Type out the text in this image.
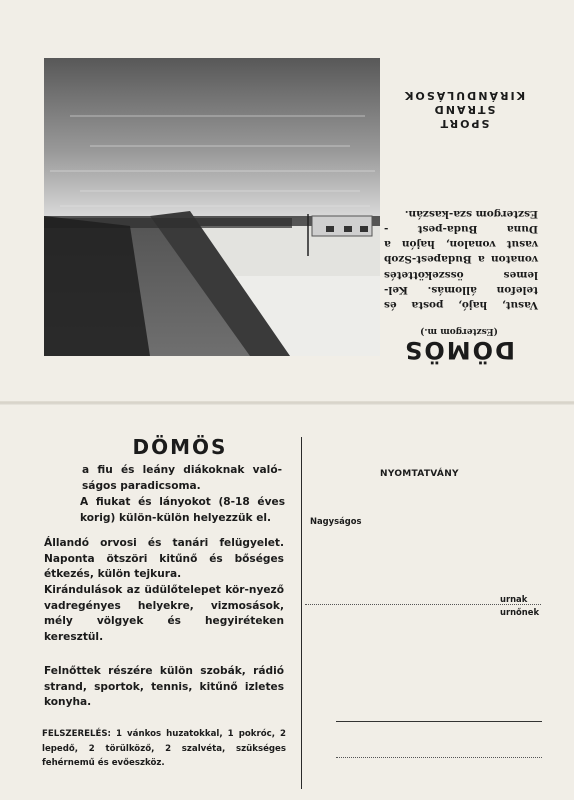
DÖMÖS
(Esztergom m.)
Vasut, hajó, posta és telefon állomás. Kel-lemes összeköttetés vonaton a Budapest-Szob vasut vonalon, hajón a Duna Buda-pest - Esztergom sza-kaszán.
SPORT
STRAND
KIRÁNDULÁSOK
DÖMÖS
a fiu és leány diákoknak való-ságos paradicsoma.
A fiukat és lányokot (8-18 éves korig) külön-külön helyezzük el.
Állandó orvosi és tanári felügyelet. Naponta ötszöri kitűnő és bőséges étkezés, külön tejkura.
Kirándulások az üdülőtelepet kör-nyező vadregényes helyekre, vizmosások, mély völgyek és hegyiréteken keresztül.
Felnőttek részére külön szobák, rádió strand, sportok, tennis, kitűnő izletes konyha.
FELSZERELÉS: 1 vánkos huzatokkal, 1 pokróc, 2 lepedő, 2 törülköző, 2 szalvéta, szükséges fehérnemű és evőeszköz.
NYOMTATVÁNY
Nagyságos
urnak
urnőnek
